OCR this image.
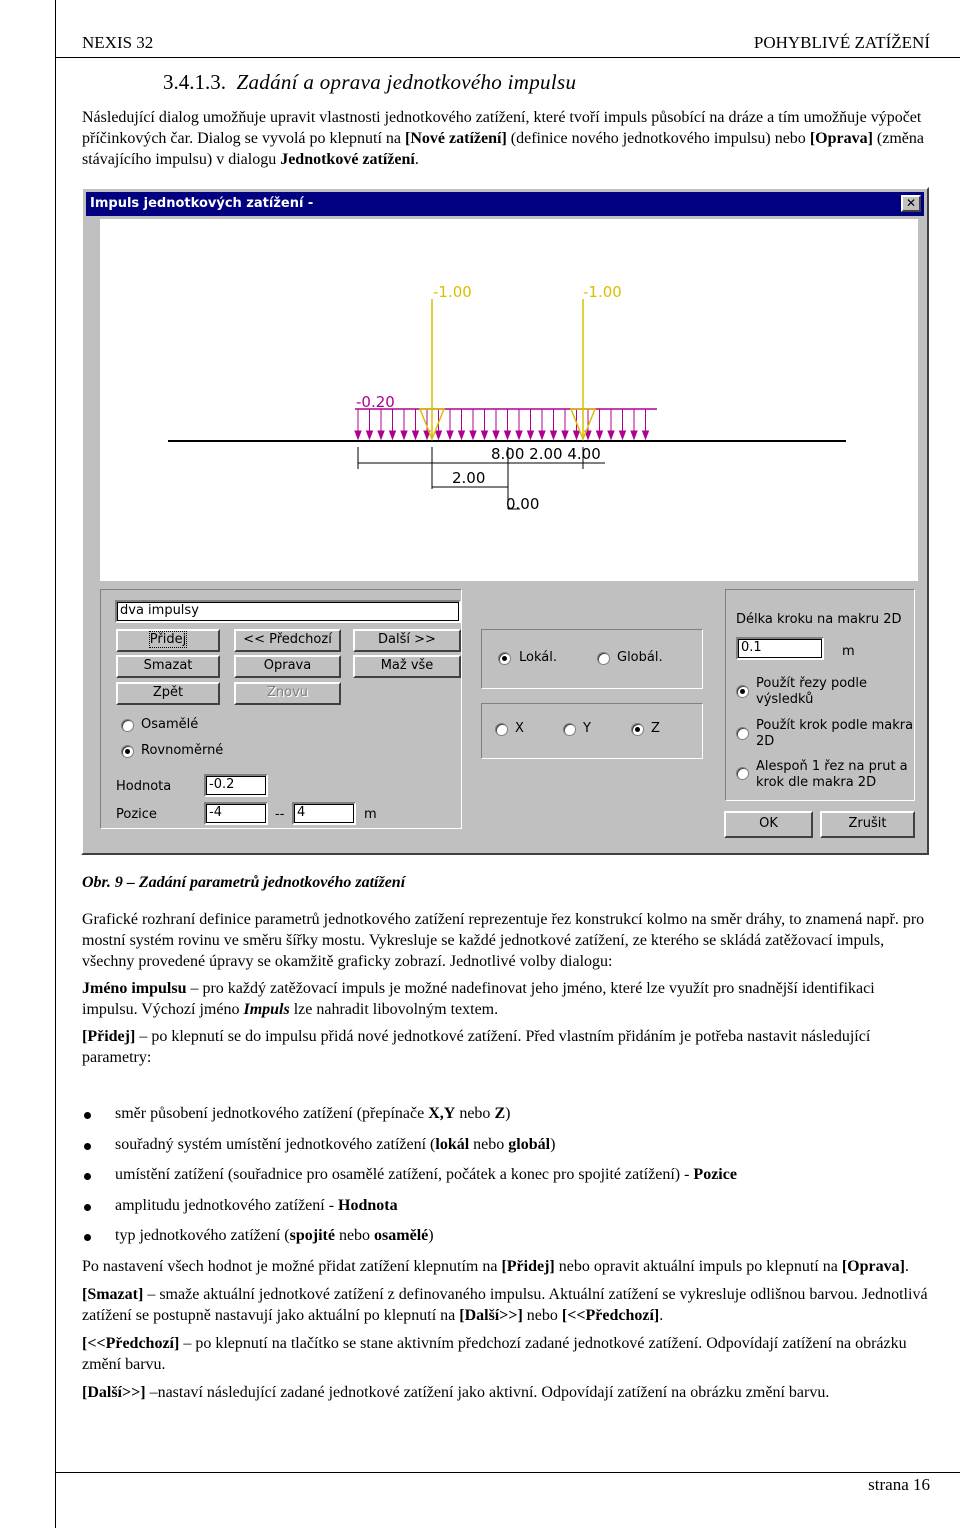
NEXIS 32	POHYBLIVÉ ZATÍŽENÍ
3.4.1.3. Zadání a oprava jednotkového impulsu

Následující dialog umožňuje upravit vlastnosti jednotkového zatížení, které tvoří impuls působící na dráze a tím umožňuje výpočet příčinkových čar. Dialog se vyvolá po klepnutí na [Nové zatížení] (definice nového jednotkového impulsu) nebo [Oprava] (změna stávajícího impulsu) v dialogu Jednotkové zatížení.

Impuls jednotkových zatížení -	✕
-1.00	-1.00
-0.20
8.00 2.00 4.00
2.00
0.00
dva impulsy
Přidej	<< Předchozí	Další >>
Smazat	Oprava	Maž vše
Zpět	Znovu
Osamělé
Rovnoměrné
Hodnota	-0.2
Pozice	-4	-- 4	m
Lokál.	Globál.
X	Y	Z
Délka kroku na makru 2D
0.1	m
Použít řezy podle
výsledků
Použít krok podle makra
2D
Alespoň 1 řez na prut a
krok dle makra 2D
OK	Zrušit
Obr. 9 – Zadání parametrů jednotkového zatížení

Grafické rozhraní definice parametrů jednotkového zatížení reprezentuje řez konstrukcí kolmo na směr dráhy, to znamená např. pro mostní systém rovinu ve směru šířky mostu. Vykresluje se každé jednotkové zatížení, ze kterého se skládá zatěžovací impuls, všechny provedené úpravy se okamžitě graficky zobrazí. Jednotlivé volby dialogu:

Jméno impulsu – pro každý zatěžovací impuls je možné nadefinovat jeho jméno, které lze využít pro snadnější identifikaci impulsu. Výchozí jméno Impuls lze nahradit libovolným textem.

[Přidej] – po klepnutí se do impulsu přidá nové jednotkové zatížení. Před vlastním přidáním je potřeba nastavit následující parametry:

směr působení jednotkového zatížení (přepínače X,Y nebo Z)
souřadný systém umístění jednotkového zatížení (lokál nebo globál)
umístění zatížení (souřadnice pro osamělé zatížení, počátek a konec pro spojité zatížení) - Pozice
amplitudu jednotkového zatížení - Hodnota
typ jednotkového zatížení (spojité nebo osamělé)

Po nastavení všech hodnot je možné přidat zatížení klepnutím na [Přidej] nebo opravit aktuální impuls po klepnutí na [Oprava].

[Smazat] – smaže aktuální jednotkové zatížení z definovaného impulsu. Aktuální zatížení se vykresluje odlišnou barvou. Jednotlivá zatížení se postupně nastavují jako aktuální po klepnutí na [Další>>] nebo [<<Předchozí].

[<<Předchozí] – po klepnutí na tlačítko se stane aktivním předchozí zadané jednotkové zatížení. Odpovídají zatížení na obrázku změní barvu.

[Další>>] –nastaví následující zadané jednotkové zatížení jako aktivní. Odpovídají zatížení na obrázku změní barvu.

strana 16
